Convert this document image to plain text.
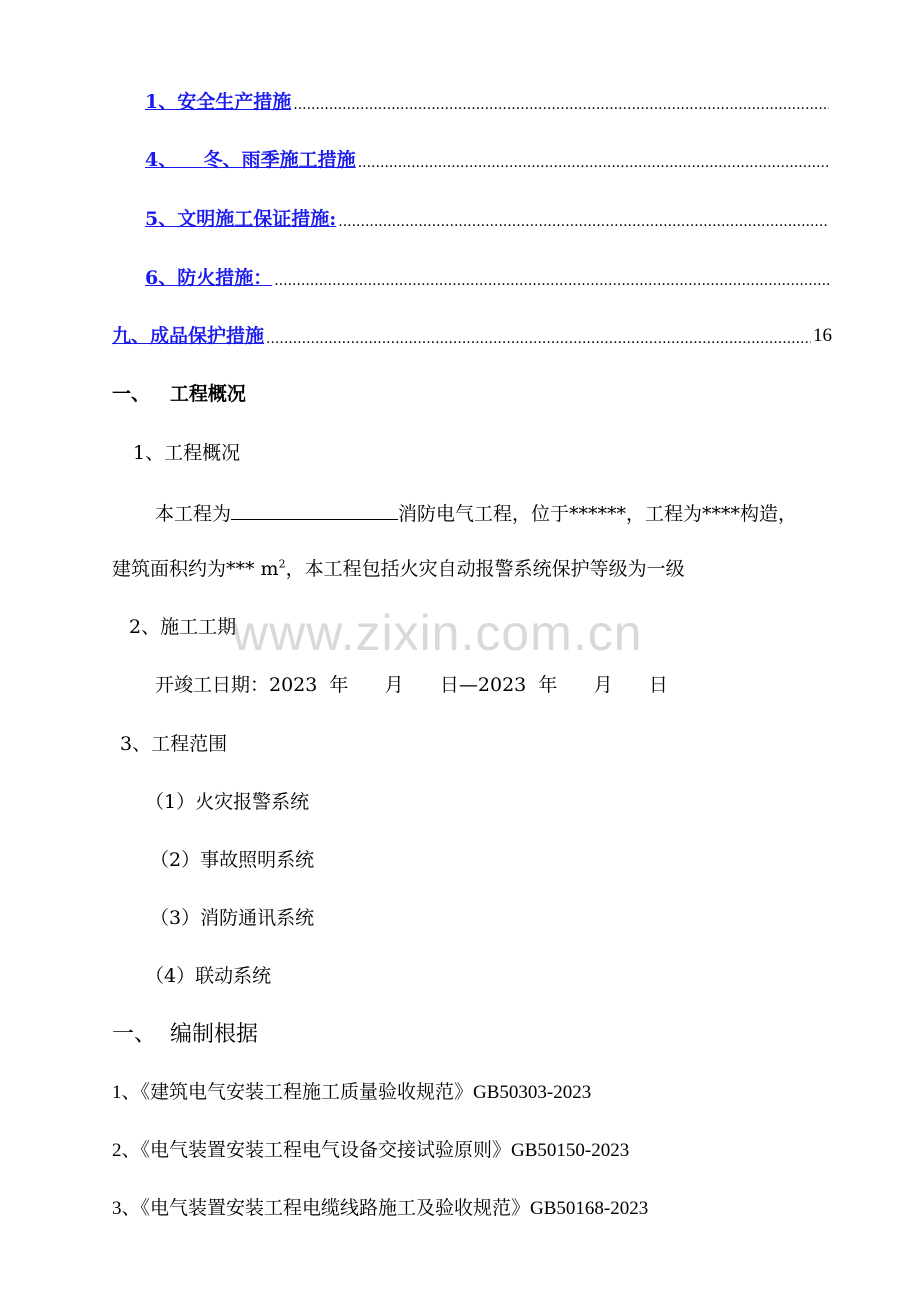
www.zixin.com.cn
1、安全生产措施
.....
4、    冬、雨季施工措施
.....
5、文明施工保证措施:
.....
6、防火措施：
.....
九、成品保护措施
.....	16
一、   工程概况
1、工程概况
本工程为	消防电气工程，位于******，工程为****构造，
建筑面积约为*** $m^2$，本工程包括火灾自动报警系统保护等级为一级
2、施工工期
开竣工日期：2023  年      月      日—2023  年      月      日
3、工程范围
（1）火灾报警系统
（2）事故照明系统
（3）消防通讯系统
（4）联动系统
一、  编制根据
1、《建筑电气安装工程施工质量验收规范》GB50303-2023
2、《电气装置安装工程电气设备交接试验原则》GB50150-2023
3、《电气装置安装工程电缆线路施工及验收规范》GB50168-2023
